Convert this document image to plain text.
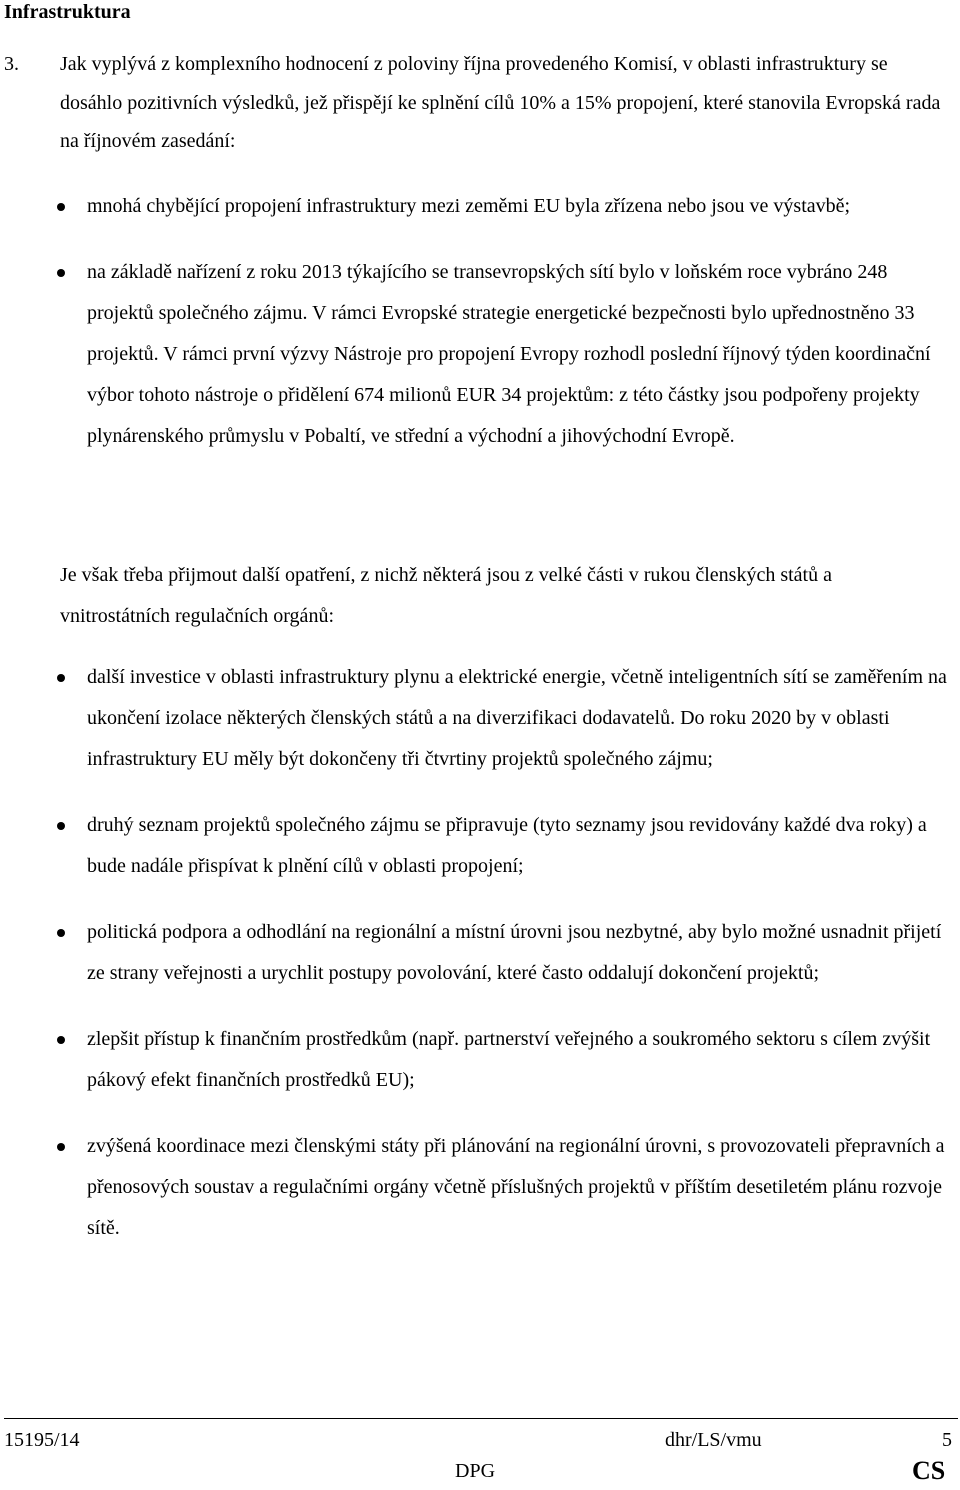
Infrastruktura
3. Jak vyplývá z komplexního hodnocení z poloviny října provedeného Komisí, v oblasti infrastruktury se dosáhlo pozitivních výsledků, jež přispějí ke splnění cílů 10% a 15% propojení, které stanovila Evropská rada na říjnovém zasedání:
mnohá chybějící propojení infrastruktury mezi zeměmi EU byla zřízena nebo jsou ve výstavbě;
na základě nařízení z roku 2013 týkajícího se transevropských sítí bylo v loňském roce vybráno 248 projektů společného zájmu. V rámci Evropské strategie energetické bezpečnosti bylo upřednostněno 33 projektů. V rámci první výzvy Nástroje pro propojení Evropy rozhodl poslední říjnový týden koordinační výbor tohoto nástroje o přidělení 674 milionů EUR 34 projektům: z této částky jsou podpořeny projekty plynárenského průmyslu v Pobaltí, ve střední a východní a jihovýchodní Evropě.

Je však třeba přijmout další opatření, z nichž některá jsou z velké části v rukou členských států a vnitrostátních regulačních orgánů:

další investice v oblasti infrastruktury plynu a elektrické energie, včetně inteligentních sítí se zaměřením na ukončení izolace některých členských států a na diverzifikaci dodavatelů. Do roku 2020 by v oblasti infrastruktury EU měly být dokončeny tři čtvrtiny projektů společného zájmu;
druhý seznam projektů společného zájmu se připravuje (tyto seznamy jsou revidovány každé dva roky) a bude nadále přispívat k plnění cílů v oblasti propojení;
politická podpora a odhodlání na regionální a místní úrovni jsou nezbytné, aby bylo možné usnadnit přijetí ze strany veřejnosti a urychlit postupy povolování, které často oddalují dokončení projektů;
zlepšit přístup k finančním prostředkům (např. partnerství veřejného a soukromého sektoru s cílem zvýšit pákový efekt finančních prostředků EU);
zvýšená koordinace mezi členskými státy při plánování na regionální úrovni, s provozovateli přepravních a přenosových soustav a regulačními orgány včetně příslušných projektů v příštím desetiletém plánu rozvoje sítě.
15195/14	dhr/LS/vmu	5
DPG	CS
